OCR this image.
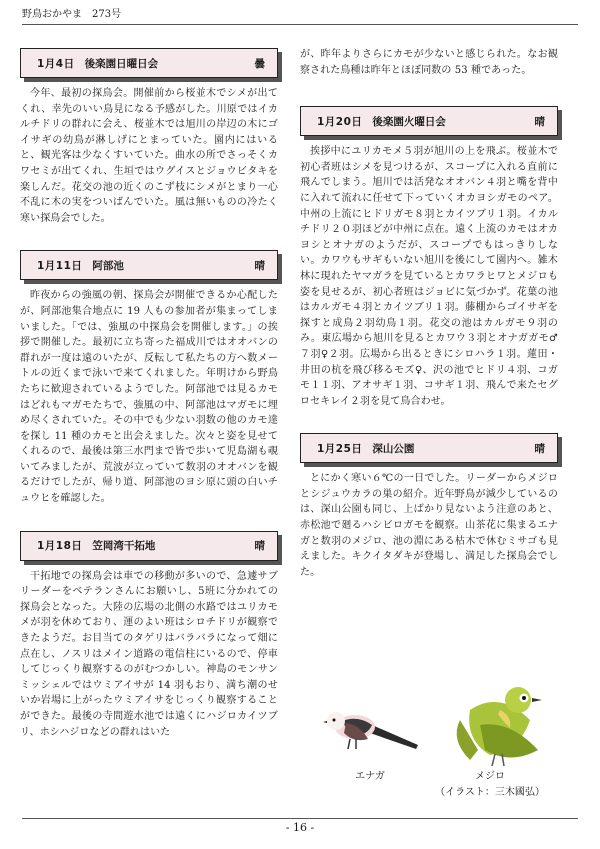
野鳥おかやま 273号
1月4日 後楽園日曜日会	曇

今年、最初の探鳥会。開催前から桜並木でシメが出てくれ、幸先のいい鳥見になる予感がした。川原ではイカルチドリの群れに会え、桜並木では旭川の岸辺の木にゴイサギの幼鳥が淋しげにとまっていた。園内にはいると、観光客は少なくすいていた。曲水の所でさっそくカワセミが出てくれ、生垣ではウグイスとジョウビタキを楽しんだ。花交の池の近くのこず枝にシメがとまり一心不乱に木の実をついばんでいた。風は無いものの冷たく寒い探鳥会でした。

1月11日 阿部池	晴

昨夜からの強風の朝、探鳥会が開催できるか心配したが、阿部池集合地点に 19 人もの参加者が集まってしまいました。「では、強風の中探鳥会を開催します。」の挨拶で開催した。最初に立ち寄った福成川ではオオバンの群れが一度は遠のいたが、反転して私たちの方へ数メートルの近くまで泳いで来てくれました。年明けから野鳥たちに歓迎されているようでした。阿部池では見るカモはどれもマガモたちで、強風の中、阿部池はマガモに埋め尽くされていた。その中でも少ない羽数の他のカモ達を探し 11 種のカモと出会えました。次々と姿を見せてくれるので、最後は第三水門まで皆で歩いて児島湖も覗いてみましたが、荒波が立っていて数羽のオオバンを観るだけでしたが、帰り道、阿部池のヨシ原に頭の白いチュウヒを確認した。

1月18日 笠岡湾干拓地	晴

干拓地での探鳥会は車での移動が多いので、急遽サブリーダーをベテランさんにお願いし、5班に分かれての探鳥会となった。大陸の広場の北側の水路ではユリカモメが羽を休めており、運のよい班はシロチドリが観察できたようだ。お目当てのタゲリはバラバラになって畑に点在し、ノスリはメイン道路の電信柱にいるので、停車してじっくり観察するのがむつかしい。神島のモンサンミッシェルではウミアイサが 14 羽もおり、満ち潮のせいか岩場に上がったウミアイサをじっくり観察することができた。最後の寺間遊水池では遠くにハジロカイツブリ、ホシハジロなどの群れはいた

が、昨年よりさらにカモが少ないと感じられた。なお観察された鳥種は昨年とほぼ同数の 53 種であった。

1月20日 後楽園火曜日会	晴

挨拶中にユリカモメ５羽が旭川の上を飛ぶ。桜並木で初心者班はシメを見つけるが、スコープに入れる直前に飛んでしまう。旭川では活発なオオバン４羽と嘴を背中に入れて流れに任せて下っていくオカヨシガモのペア。中州の上流にヒドリガモ８羽とカイツブリ１羽。イカルチドリ２０羽ほどが中州に点在。遠く上流のカモはオカヨシとオナガのようだが、スコープでもはっきりしない。カワウもサギもいない旭川を後にして園内へ。雑木林に現れたヤマガラを見ているとカワラヒワとメジロも姿を見せるが、初心者班はジョビに気づかず。花葉の池はカルガモ４羽とカイツブリ１羽。藤棚からゴイサギを探すと成鳥２羽幼鳥１羽。花交の池はカルガモ９羽のみ。東広場から旭川を見るとカワウ３羽とオナガガモ♂７羽♀２羽。広場から出るときにシロハラ１羽。蓮田・井田の杭を飛び移るモズ♀、沢の池でヒドリ４羽、コガモ１１羽、アオサギ１羽、コサギ１羽、飛んで来たセグロセキレイ２羽を見て鳥合わせ。

1月25日 深山公園	晴

とにかく寒い６℃の一日でした。リーダーからメジロとシジュウカラの巣の紹介。近年野鳥が減少しているのは、深山公園も同じ、上ばかり見ないよう注意のあと、赤松池で廻るハシビロガモを観察。山茶花に集まるエナガと数羽のメジロ、池の淵にある枯木で休むミサゴも見えました。キクイタダキが登場し、満足した探鳥会でした。

エナガ	メジロ
（イラスト：三木國弘）
- 16 -
